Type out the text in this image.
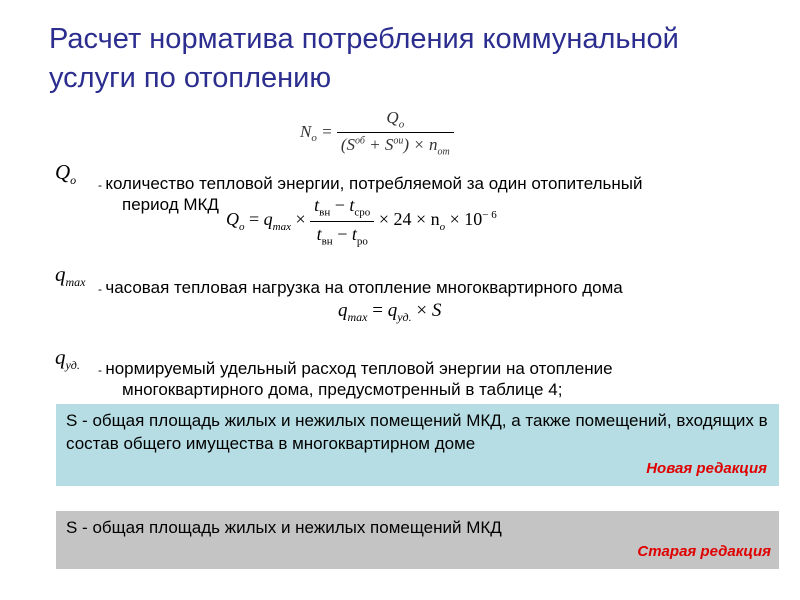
Расчет норматива потребления коммунальной услуги по отоплению
$N_o = \frac{Q_o}{(S^{об} + S^{ои}) \times n_{от}}$
$Q_o$ - количество тепловой энергии, потребляемой за один отопительный
период МКД
$Q_o = q_{max} \times \frac{t_{вн} - t_{сро}}{t_{вн} - t_{ро}} \times 24 \times n_o \times 10^{- 6}$
$q_{max}$ - часовая тепловая нагрузка на отопление многоквартирного дома
$q_{max} = q_{уд.} \times S$
$q_{уд.}$ - нормируемый удельный расход тепловой энергии на отопление
многоквартирного дома, предусмотренный в таблице 4;
S - общая площадь жилых и нежилых помещений МКД, а также помещений, входящих в состав общего имущества в многоквартирном доме
Новая редакция
S - общая площадь жилых и нежилых помещений МКД
Старая редакция
